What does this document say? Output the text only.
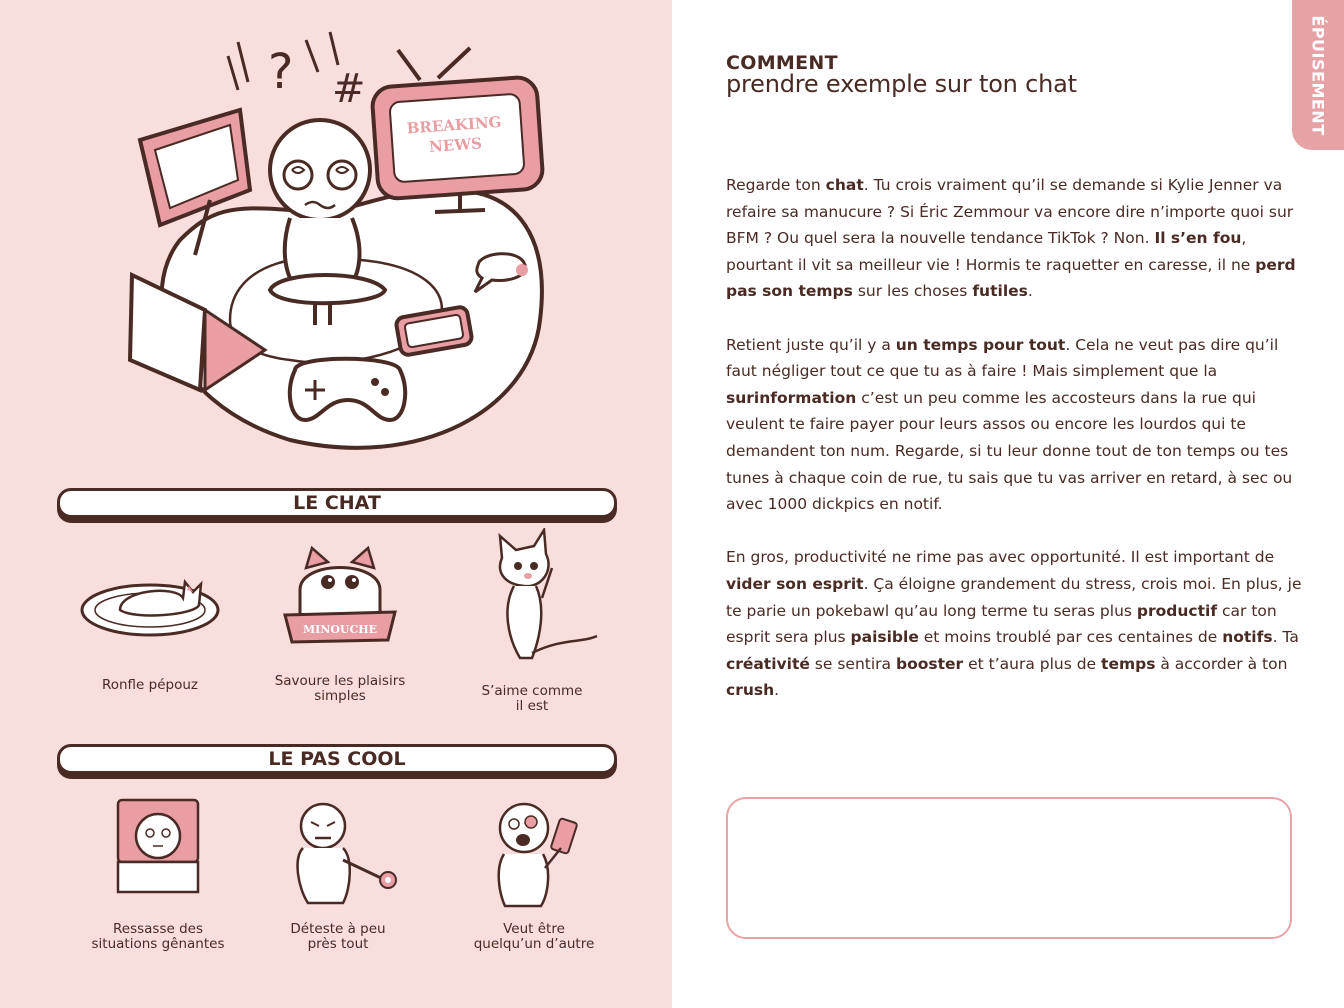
BREAKING
NEWS
? #
LE CHAT
Ronfle pépouz
MINOUCHE
Savoure les plaisirs
simples	S’aime comme
il est
LE PAS COOL
Ressasse des
situations gênantes
Déteste à peu
près tout
Veut être
quelqu’un d’autre
ÉPUISEMENT
COMMENT
prendre exemple sur ton chat

Regarde ton chat. Tu crois vraiment qu’il se demande si Kylie Jenner va refaire sa manucure ? Si Éric Zemmour va encore dire n’importe quoi sur BFM ? Ou quel sera la nouvelle tendance TikTok ? Non. Il s’en fou, pourtant il vit sa meilleur vie ! Hormis te raquetter en caresse, il ne perd pas son temps sur les choses futiles.

Retient juste qu’il y a un temps pour tout. Cela ne veut pas dire qu’il faut négliger tout ce que tu as à faire ! Mais simplement que la surinformation c’est un peu comme les accosteurs dans la rue qui veulent te faire payer pour leurs assos ou encore les lourdos qui te demandent ton num. Regarde, si tu leur donne tout de ton temps ou tes tunes à chaque coin de rue, tu sais que tu vas arriver en retard, à sec ou avec 1000 dickpics en notif.

En gros, productivité ne rime pas avec opportunité. Il est important de vider son esprit. Ça éloigne grandement du stress, crois moi. En plus, je te parie un pokebawl qu’au long terme tu seras plus productif car ton esprit sera plus paisible et moins troublé par ces centaines de notifs. Ta créativité se sentira booster et t’aura plus de temps à accorder à ton crush.
